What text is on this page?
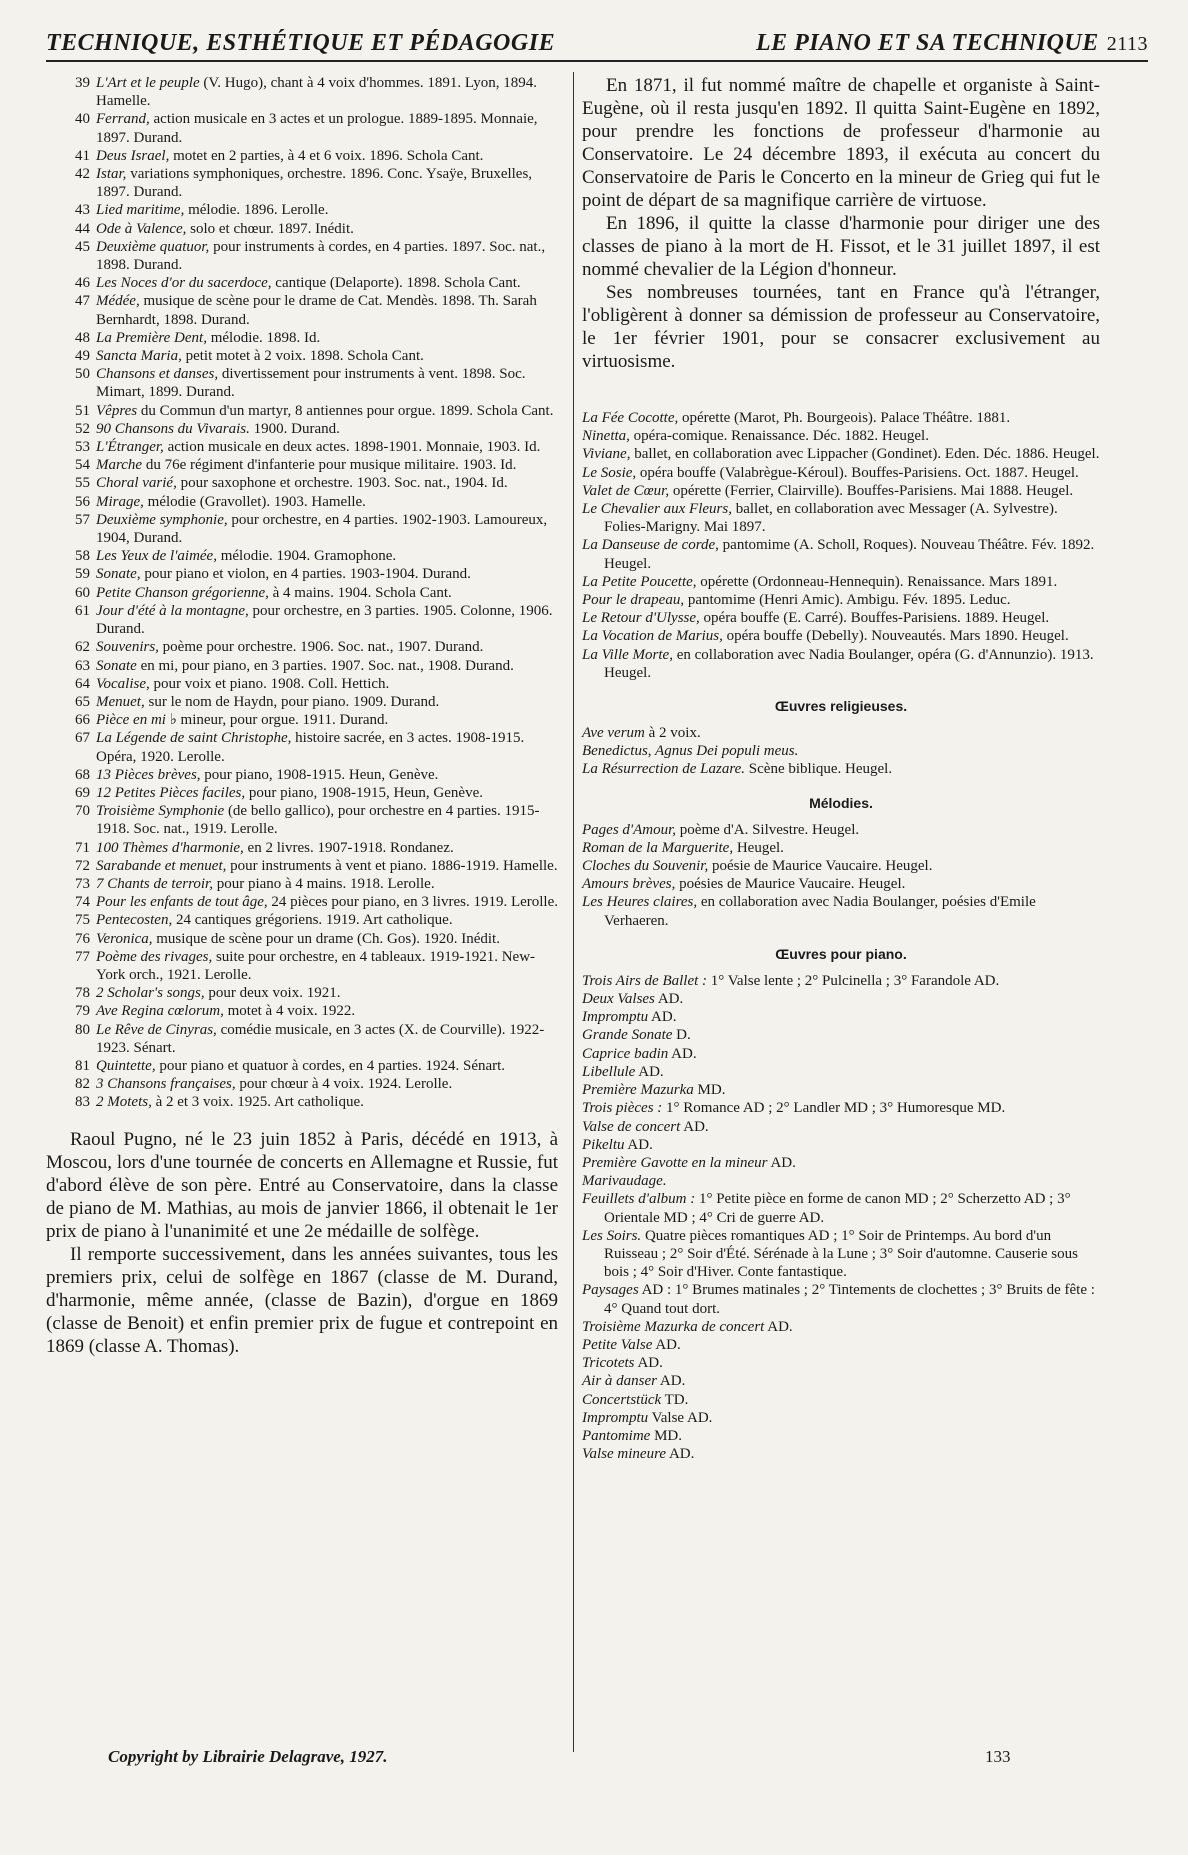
TECHNIQUE, ESTHÉTIQUE ET PÉDAGOGIE	LE PIANO ET SA TECHNIQUE 2113
39 L'Art et le peuple (V. Hugo), chant à 4 voix d'hommes. 1891. Lyon, 1894. Hamelle.
40 Ferrand, action musicale en 3 actes et un prologue. 1889-1895. Monnaie, 1897. Durand.
41 Deus Israel, motet en 2 parties, à 4 et 6 voix. 1896. Schola Cant.
42 Istar, variations symphoniques, orchestre. 1896. Conc. Ysaÿe, Bruxelles, 1897. Durand.
43 Lied maritime, mélodie. 1896. Lerolle.
44 Ode à Valence, solo et chœur. 1897. Inédit.
45 Deuxième quatuor, pour instruments à cordes, en 4 parties. 1897. Soc. nat., 1898. Durand.
46 Les Noces d'or du sacerdoce, cantique (Delaporte). 1898. Schola Cant.
47 Médée, musique de scène pour le drame de Cat. Mendès. 1898. Th. Sarah Bernhardt, 1898. Durand.
48 La Première Dent, mélodie. 1898. Id.
49 Sancta Maria, petit motet à 2 voix. 1898. Schola Cant.
50 Chansons et danses, divertissement pour instruments à vent. 1898. Soc. Mimart, 1899. Durand.
51 Vêpres du Commun d'un martyr, 8 antiennes pour orgue. 1899. Schola Cant.
52 90 Chansons du Vivarais. 1900. Durand.
53 L'Étranger, action musicale en deux actes. 1898-1901. Monnaie, 1903. Id.
54 Marche du 76e régiment d'infanterie pour musique militaire. 1903. Id.
55 Choral varié, pour saxophone et orchestre. 1903. Soc. nat., 1904. Id.
56 Mirage, mélodie (Gravollet). 1903. Hamelle.
57 Deuxième symphonie, pour orchestre, en 4 parties. 1902-1903. Lamoureux, 1904, Durand.
58 Les Yeux de l'aimée, mélodie. 1904. Gramophone.
59 Sonate, pour piano et violon, en 4 parties. 1903-1904. Durand.
60 Petite Chanson grégorienne, à 4 mains. 1904. Schola Cant.
61 Jour d'été à la montagne, pour orchestre, en 3 parties. 1905. Colonne, 1906. Durand.
62 Souvenirs, poème pour orchestre. 1906. Soc. nat., 1907. Durand.
63 Sonate en mi, pour piano, en 3 parties. 1907. Soc. nat., 1908. Durand.
64 Vocalise, pour voix et piano. 1908. Coll. Hettich.
65 Menuet, sur le nom de Haydn, pour piano. 1909. Durand.
66 Pièce en mi ♭ mineur, pour orgue. 1911. Durand.
67 La Légende de saint Christophe, histoire sacrée, en 3 actes. 1908-1915. Opéra, 1920. Lerolle.
68 13 Pièces brèves, pour piano, 1908-1915. Heun, Genève.
69 12 Petites Pièces faciles, pour piano, 1908-1915, Heun, Genève.
70 Troisième Symphonie (de bello gallico), pour orchestre en 4 parties. 1915-1918. Soc. nat., 1919. Lerolle.
71 100 Thèmes d'harmonie, en 2 livres. 1907-1918. Rondanez.
72 Sarabande et menuet, pour instruments à vent et piano. 1886-1919. Hamelle.
73 7 Chants de terroir, pour piano à 4 mains. 1918. Lerolle.
74 Pour les enfants de tout âge, 24 pièces pour piano, en 3 livres. 1919. Lerolle.
75 Pentecosten, 24 cantiques grégoriens. 1919. Art catholique.
76 Veronica, musique de scène pour un drame (Ch. Gos). 1920. Inédit.
77 Poème des rivages, suite pour orchestre, en 4 tableaux. 1919-1921. New-York orch., 1921. Lerolle.
78 2 Scholar's songs, pour deux voix. 1921.
79 Ave Regina cœlorum, motet à 4 voix. 1922.
80 Le Rêve de Cinyras, comédie musicale, en 3 actes (X. de Courville). 1922-1923. Sénart.
81 Quintette, pour piano et quatuor à cordes, en 4 parties. 1924. Sénart.
82 3 Chansons françaises, pour chœur à 4 voix. 1924. Lerolle.
83 2 Motets, à 2 et 3 voix. 1925. Art catholique.

Raoul Pugno, né le 23 juin 1852 à Paris, décédé en 1913, à Moscou, lors d'une tournée de concerts en Allemagne et Russie, fut d'abord élève de son père. Entré au Conservatoire, dans la classe de piano de M. Mathias, au mois de janvier 1866, il obtenait le 1er prix de piano à l'unanimité et une 2e médaille de solfège.

Il remporte successivement, dans les années suivantes, tous les premiers prix, celui de solfège en 1867 (classe de M. Durand, d'harmonie, même année, (classe de Bazin), d'orgue en 1869 (classe de Benoit) et enfin premier prix de fugue et contrepoint en 1869 (classe A. Thomas).

En 1871, il fut nommé maître de chapelle et organiste à Saint-Eugène, où il resta jusqu'en 1892. Il quitta Saint-Eugène en 1892, pour prendre les fonctions de professeur d'harmonie au Conservatoire. Le 24 décembre 1893, il exécuta au concert du Conservatoire de Paris le Concerto en la mineur de Grieg qui fut le point de départ de sa magnifique carrière de virtuose.

En 1896, il quitte la classe d'harmonie pour diriger une des classes de piano à la mort de H. Fissot, et le 31 juillet 1897, il est nommé chevalier de la Légion d'honneur.

Ses nombreuses tournées, tant en France qu'à l'étranger, l'obligèrent à donner sa démission de professeur au Conservatoire, le 1er février 1901, pour se consacrer exclusivement au virtuosisme.

La Fée Cocotte, opérette (Marot, Ph. Bourgeois). Palace Théâtre. 1881.
Ninetta, opéra-comique. Renaissance. Déc. 1882. Heugel.
Viviane, ballet, en collaboration avec Lippacher (Gondinet). Eden. Déc. 1886. Heugel.
Le Sosie, opéra bouffe (Valabrègue-Kéroul). Bouffes-Parisiens. Oct. 1887. Heugel.
Valet de Cœur, opérette (Ferrier, Clairville). Bouffes-Parisiens. Mai 1888. Heugel.
Le Chevalier aux Fleurs, ballet, en collaboration avec Messager (A. Sylvestre). Folies-Marigny. Mai 1897.
La Danseuse de corde, pantomime (A. Scholl, Roques). Nouveau Théâtre. Fév. 1892. Heugel.
La Petite Poucette, opérette (Ordonneau-Hennequin). Renaissance. Mars 1891.
Pour le drapeau, pantomime (Henri Amic). Ambigu. Fév. 1895. Leduc.
Le Retour d'Ulysse, opéra bouffe (E. Carré). Bouffes-Parisiens. 1889. Heugel.
La Vocation de Marius, opéra bouffe (Debelly). Nouveautés. Mars 1890. Heugel.
La Ville Morte, en collaboration avec Nadia Boulanger, opéra (G. d'Annunzio). 1913. Heugel.
Œuvres religieuses.
Ave verum à 2 voix.
Benedictus, Agnus Dei populi meus.
La Résurrection de Lazare. Scène biblique. Heugel.
Mélodies.
Pages d'Amour, poème d'A. Silvestre. Heugel.
Roman de la Marguerite, Heugel.
Cloches du Souvenir, poésie de Maurice Vaucaire. Heugel.
Amours brèves, poésies de Maurice Vaucaire. Heugel.
Les Heures claires, en collaboration avec Nadia Boulanger, poésies d'Emile Verhaeren.
Œuvres pour piano.
Trois Airs de Ballet : 1° Valse lente ; 2° Pulcinella ; 3° Farandole AD.
Deux Valses AD.
Impromptu AD.
Grande Sonate D.
Caprice badin AD.
Libellule AD.
Première Mazurka MD.
Trois pièces : 1° Romance AD ; 2° Landler MD ; 3° Humoresque MD.
Valse de concert AD.
Pikeltu AD.
Première Gavotte en la mineur AD.
Marivaudage.
Feuillets d'album : 1° Petite pièce en forme de canon MD ; 2° Scherzetto AD ; 3° Orientale MD ; 4° Cri de guerre AD.
Les Soirs. Quatre pièces romantiques AD ; 1° Soir de Printemps. Au bord d'un Ruisseau ; 2° Soir d'Été. Sérénade à la Lune ; 3° Soir d'automne. Causerie sous bois ; 4° Soir d'Hiver. Conte fantastique.
Paysages AD : 1° Brumes matinales ; 2° Tintements de clochettes ; 3° Bruits de fête : 4° Quand tout dort.
Troisième Mazurka de concert AD.
Petite Valse AD.
Tricotets AD.
Air à danser AD.
Concertstück TD.
Impromptu Valse AD.
Pantomime MD.
Valse mineure AD.
Copyright by Librairie Delagrave, 1927.	133
